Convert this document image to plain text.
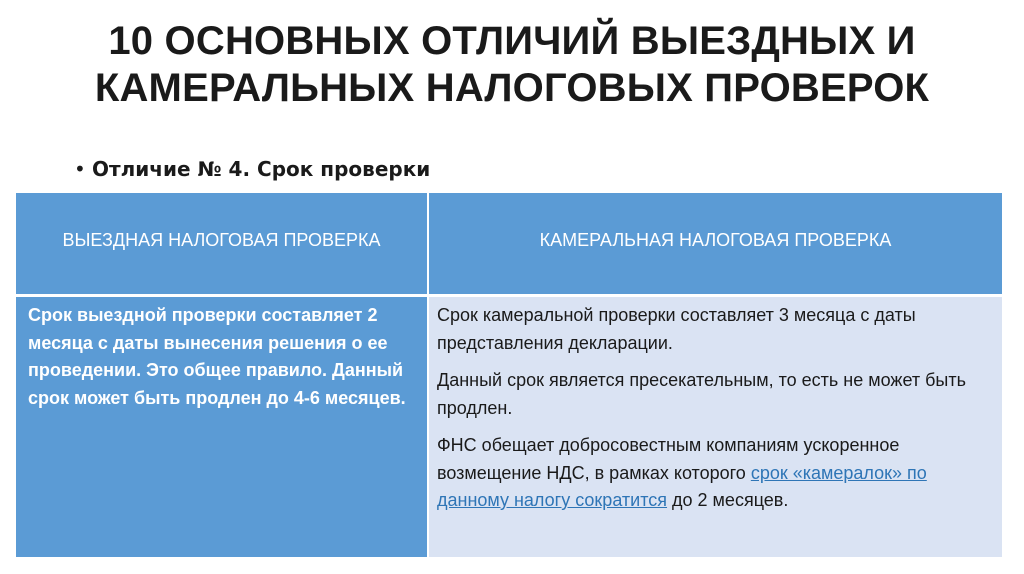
10 ОСНОВНЫХ ОТЛИЧИЙ ВЫЕЗДНЫХ И
КАМЕРАЛЬНЫХ НАЛОГОВЫХ ПРОВЕРОК
• Отличие № 4. Срок проверки
ВЫЕЗДНАЯ НАЛОГОВАЯ ПРОВЕРКА	КАМЕРАЛЬНАЯ НАЛОГОВАЯ ПРОВЕРКА
Срок выездной проверки составляет 2 месяца с даты вынесения решения о ее проведении. Это общее правило. Данный срок может быть продлен до 4-6 месяцев.

Срок камеральной проверки составляет 3 месяца с даты представления декларации.

Данный срок является пресекательным, то есть не может быть продлен.

ФНС обещает добросовестным компаниям ускоренное возмещение НДС, в рамках которого срок «камералок» по данному налогу сократится до 2 месяцев.
